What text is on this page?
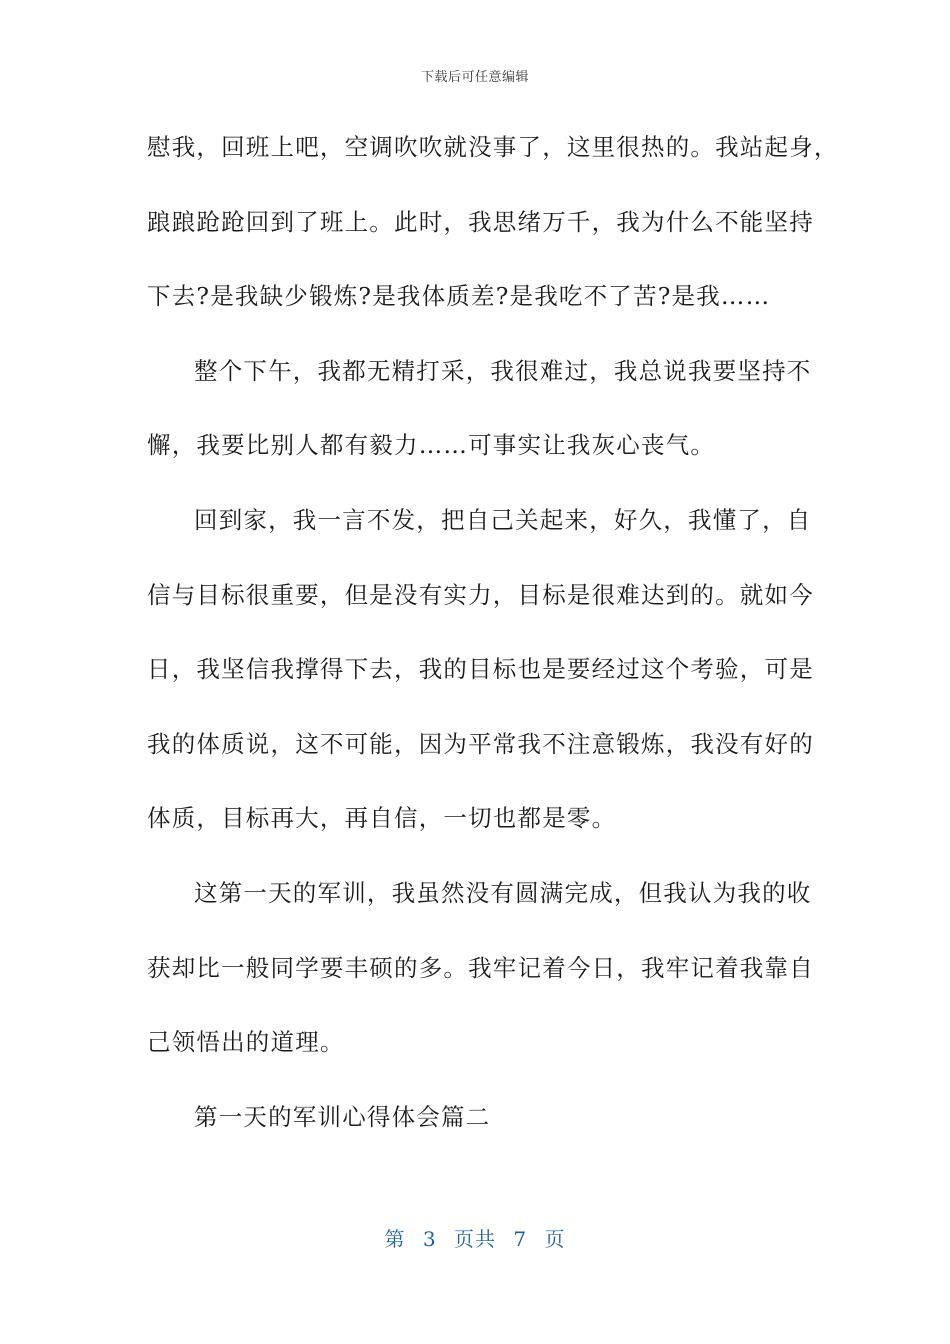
下载后可任意编辑
慰我，回班上吧，空调吹吹就没事了，这里很热的。我站起身，
踉踉跄跄回到了班上。此时，我思绪万千，我为什么不能坚持
下去?是我缺少锻炼?是我体质差?是我吃不了苦?是我……
整个下午，我都无精打采，我很难过，我总说我要坚持不
懈，我要比别人都有毅力……可事实让我灰心丧气。
回到家，我一言不发，把自己关起来，好久，我懂了，自
信与目标很重要，但是没有实力，目标是很难达到的。就如今
日，我坚信我撑得下去，我的目标也是要经过这个考验，可是
我的体质说，这不可能，因为平常我不注意锻炼，我没有好的
体质，目标再大，再自信，一切也都是零。
这第一天的军训，我虽然没有圆满完成，但我认为我的收
获却比一般同学要丰硕的多。我牢记着今日，我牢记着我靠自
己领悟出的道理。
第一天的军训心得体会篇二
第 3 页共 7 页
